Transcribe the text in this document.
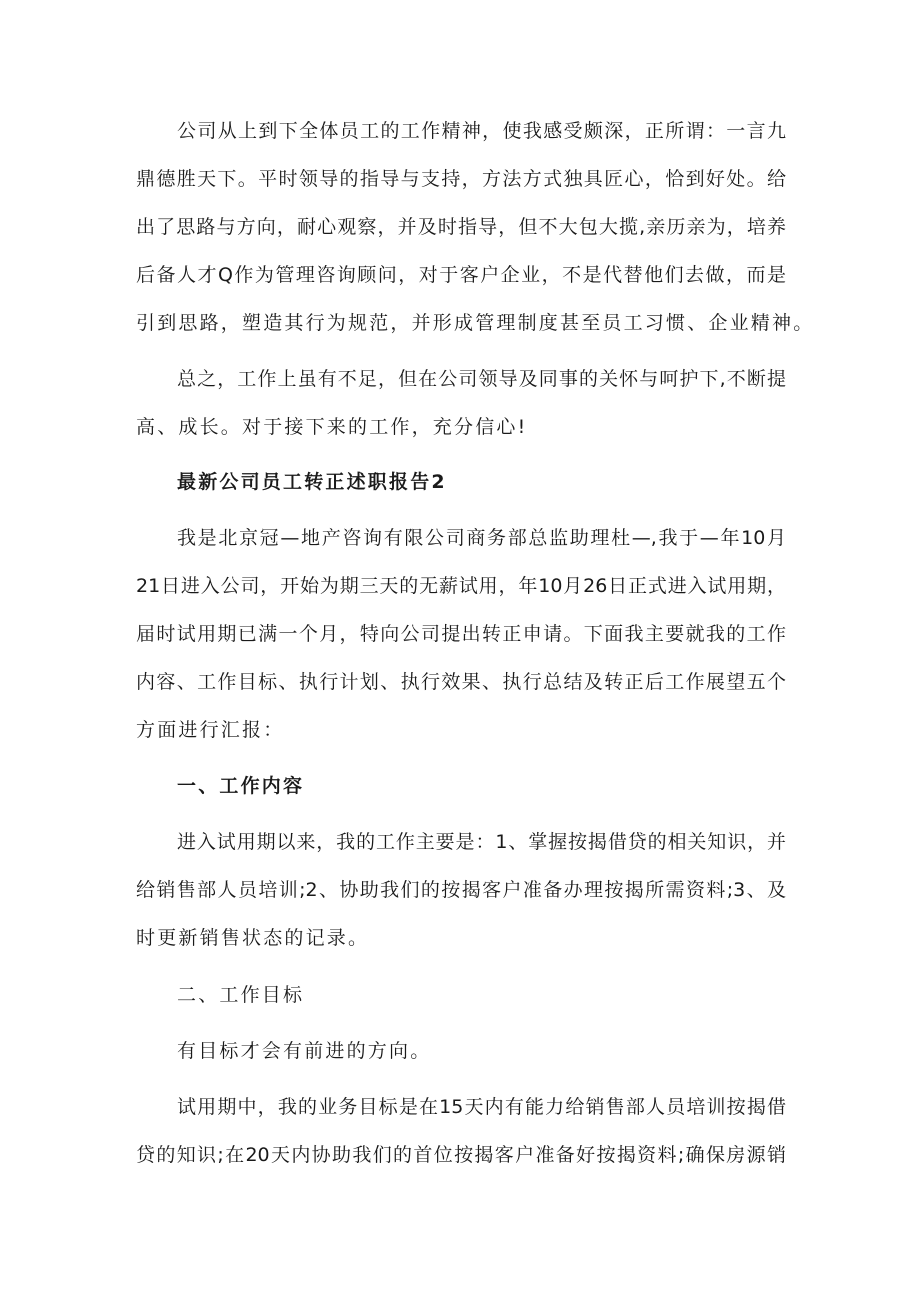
公司从上到下全体员工的工作精神，使我感受颇深，正所谓：一言九
鼎德胜天下。平时领导的指导与支持，方法方式独具匠心，恰到好处。给
出了思路与方向，耐心观察，并及时指导，但不大包大揽,亲历亲为，培养
后备人才Q作为管理咨询顾问，对于客户企业，不是代替他们去做，而是
引到思路，塑造其行为规范，并形成管理制度甚至员工习惯、企业精神。
总之，工作上虽有不足，但在公司领导及同事的关怀与呵护下,不断提
高、成长。对于接下来的工作，充分信心!
最新公司员工转正述职报告2
我是北京冠—地产咨询有限公司商务部总监助理杜—,我于—年10月
21日进入公司，开始为期三天的无薪试用，年10月26日正式进入试用期，
届时试用期已满一个月，特向公司提出转正申请。下面我主要就我的工作
内容、工作目标、执行计划、执行效果、执行总结及转正后工作展望五个
方面进行汇报：
一、工作内容
进入试用期以来，我的工作主要是：1、掌握按揭借贷的相关知识，并
给销售部人员培训;2、协助我们的按揭客户准备办理按揭所需资料;3、及
时更新销售状态的记录。
二、工作目标
有目标才会有前进的方向。
试用期中，我的业务目标是在15天内有能力给销售部人员培训按揭借
贷的知识;在20天内协助我们的首位按揭客户准备好按揭资料;确保房源销
